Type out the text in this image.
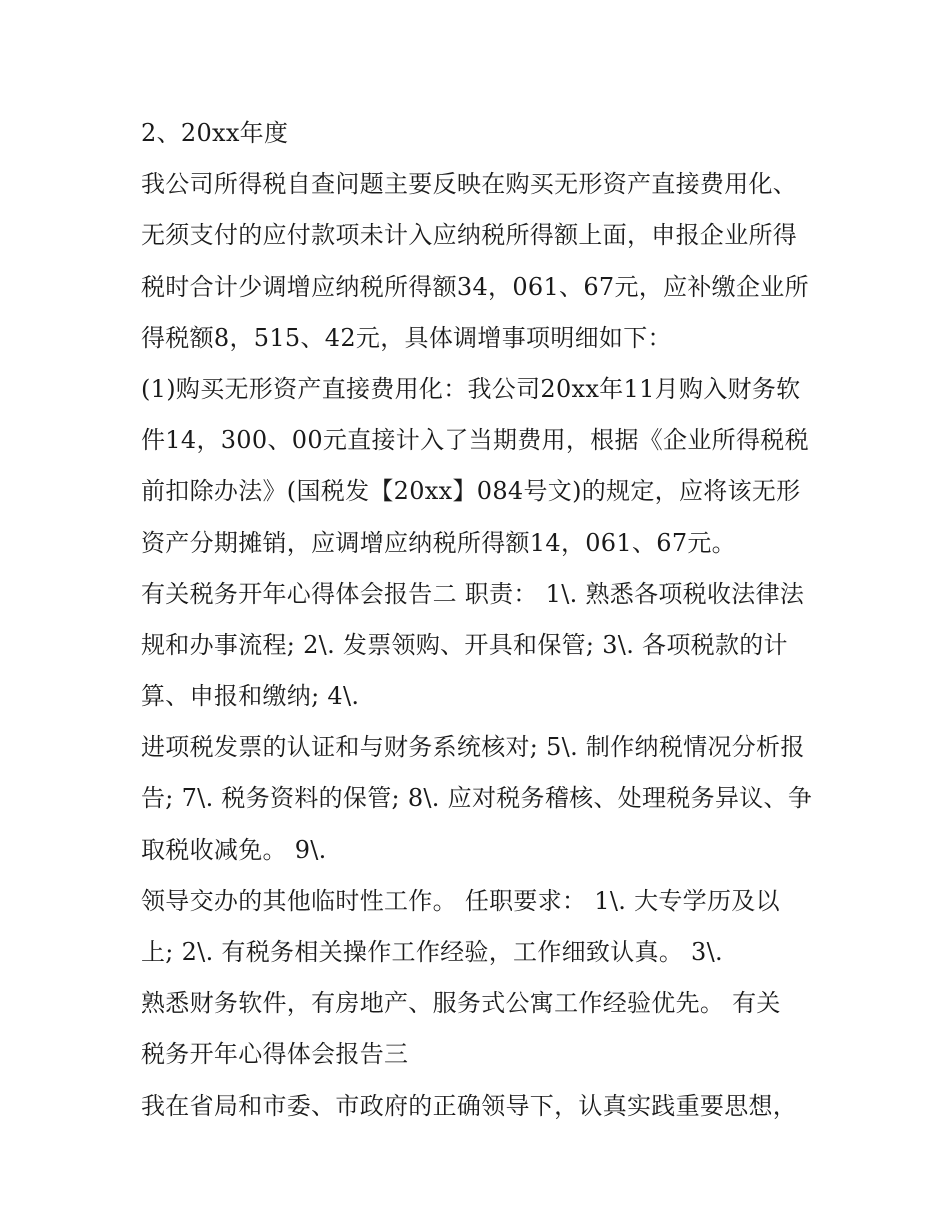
2、20xx年度
我公司所得税自查问题主要反映在购买无形资产直接费用化、
无须支付的应付款项未计入应纳税所得额上面，申报企业所得
税时合计少调增应纳税所得额34，061、67元，应补缴企业所
得税额8，515、42元，具体调增事项明细如下：
(1)购买无形资产直接费用化：我公司20xx年11月购入财务软
件14，300、00元直接计入了当期费用，根据《企业所得税税
前扣除办法》(国税发【20xx】084号文)的规定，应将该无形
资产分期摊销，应调增应纳税所得额14，061、67元。
有关税务开年心得体会报告二 职责： 1\. 熟悉各项税收法律法
规和办事流程; 2\. 发票领购、开具和保管; 3\. 各项税款的计
算、申报和缴纳; 4\.
进项税发票的认证和与财务系统核对; 5\. 制作纳税情况分析报
告; 7\. 税务资料的保管; 8\. 应对税务稽核、处理税务异议、争
取税收减免。 9\.
领导交办的其他临时性工作。 任职要求： 1\. 大专学历及以
上; 2\. 有税务相关操作工作经验，工作细致认真。 3\.
熟悉财务软件，有房地产、服务式公寓工作经验优先。 有关
税务开年心得体会报告三
我在省局和市委、市政府的正确领导下，认真实践重要思想，
